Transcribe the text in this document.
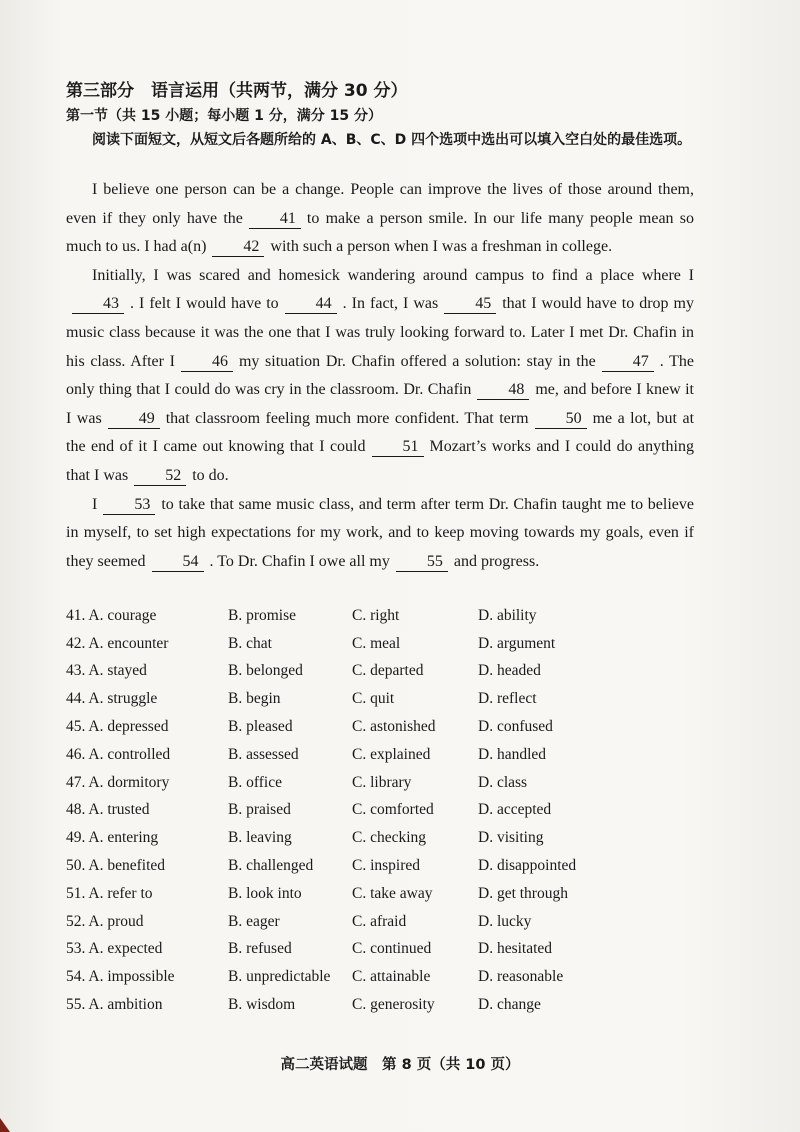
第三部分　语言运用（共两节，满分 30 分）
第一节（共 15 小题；每小题 1 分，满分 15 分）
阅读下面短文，从短文后各题所给的 A、B、C、D 四个选项中选出可以填入空白处的最佳选项。

I believe one person can be a change. People can improve the lives of those around them, even if they only have the 41 to make a person smile. In our life many people mean so much to us. I had a(n) 42 with such a person when I was a freshman in college.

Initially, I was scared and homesick wandering around campus to find a place where I43 . I felt I would have to 44 . In fact, I was 45 that I would have to drop my music class because it was the one that I was truly looking forward to. Later I met Dr. Chafin in his class. After I 46 my situation Dr. Chafin offered a solution: stay in the 47 . The only thing that I could do was cry in the classroom. Dr. Chafin 48 me, and before I knew it I was 49 that classroom feeling much more confident. That term 50 me a lot, but at the end of it I came out knowing that I could 51 Mozart’s works and I could do anything that I was 52 to do.

I 53 to take that same music class, and term after term Dr. Chafin taught me to believe in myself, to set high expectations for my work, and to keep moving towards my goals, even if they seemed 54 . To Dr. Chafin I owe all my 55 and progress.

41. A. courage	B. promise	C. right	D. ability
42. A. encounter	B. chat	C. meal	D. argument
43. A. stayed	B. belonged	C. departed	D. headed
44. A. struggle	B. begin	C. quit	D. reflect
45. A. depressed	B. pleased	C. astonished	D. confused
46. A. controlled	B. assessed	C. explained	D. handled
47. A. dormitory	B. office	C. library	D. class
48. A. trusted	B. praised	C. comforted	D. accepted
49. A. entering	B. leaving	C. checking	D. visiting
50. A. benefited	B. challenged	C. inspired	D. disappointed
51. A. refer to	B. look into	C. take away	D. get through
52. A. proud	B. eager	C. afraid	D. lucky
53. A. expected	B. refused	C. continued	D. hesitated
54. A. impossible	B. unpredictable	C. attainable	D. reasonable
55. A. ambition	B. wisdom	C. generosity	D. change
高二英语试题　第 8 页（共 10 页）
